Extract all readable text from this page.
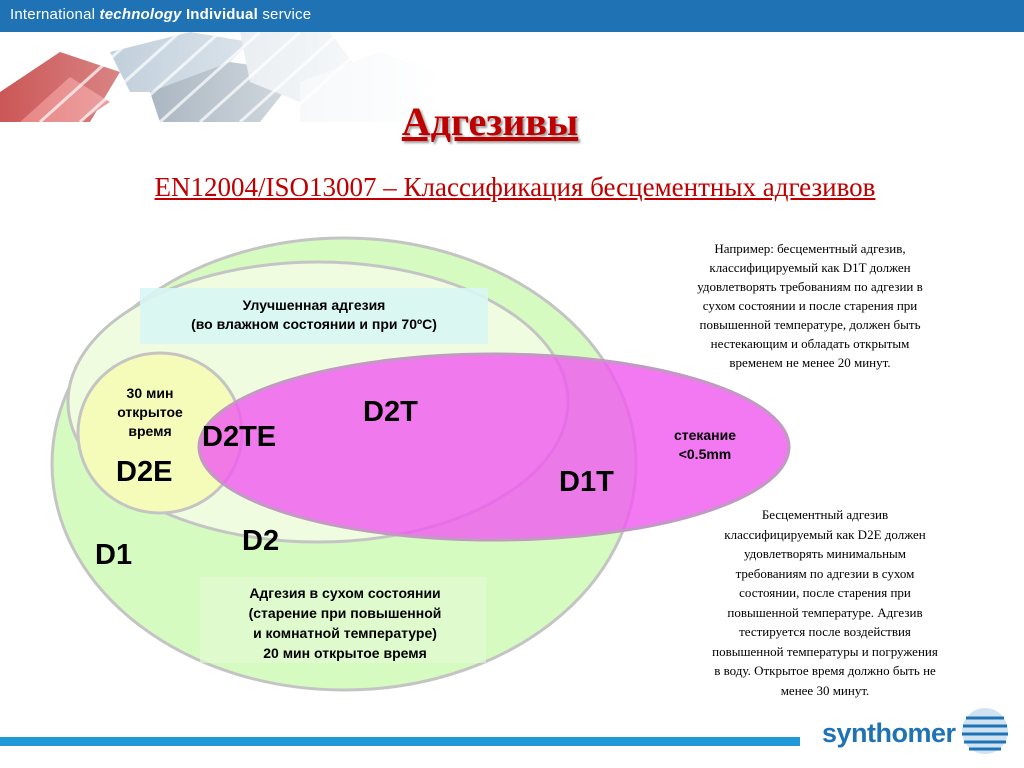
International technology Individual service
Адгезивы
EN12004/ISO13007 – Классификация бесцементных адгезивов
Улучшенная адгезия
(во влажном состоянии и при 70ºС)
30 мин
открытое
время	D2TE
D2E
D2T
D2
D1
D1T
стекание
<0.5mm
Адгезия в сухом состоянии
(старение при повышенной
и комнатной температуре)
20 мин открытое время
Например: бесцементный адгезив,
классифицируемый как D1T должен
удовлетворять требованиям по адгезии в
сухом состоянии и после старения при
повышенной температуре, должен быть
нестекающим и обладать открытым
временем не менее 20 минут.
Бесцементный адгезив
классифицируемый как D2E должен
удовлетворять минимальным
требованиям по адгезии в сухом
состоянии, после старения при
повышенной температуре. Адгезив
тестируется после воздействия
повышенной температуры и погружения
в воду. Открытое время должно быть не
менее 30 минут.
synthomer
